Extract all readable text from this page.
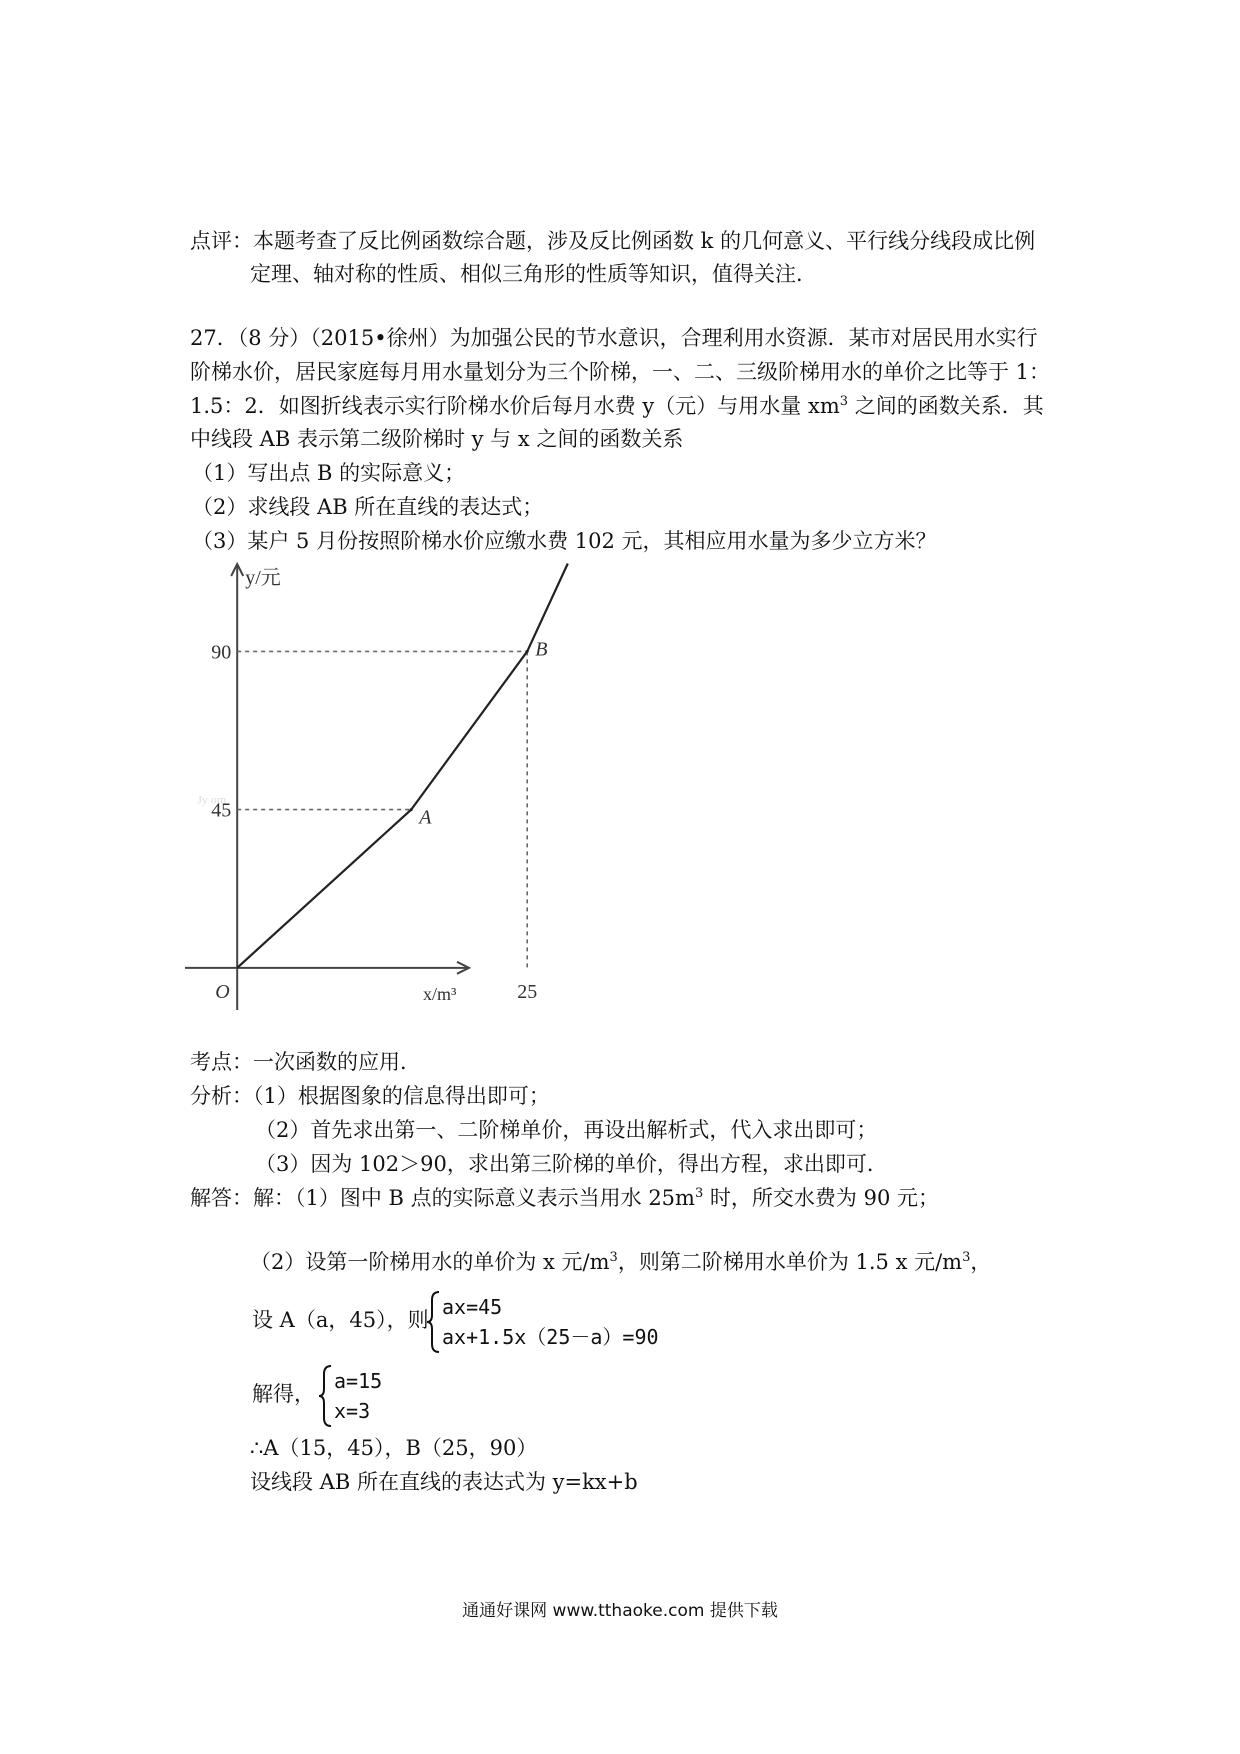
点评：本题考查了反比例函数综合题，涉及反比例函数 k 的几何意义、平行线分线段成比例
定理、轴对称的性质、相似三角形的性质等知识，值得关注．
27．（8 分）（2015•徐州）为加强公民的节水意识，合理利用水资源．某市对居民用水实行
阶梯水价，居民家庭每月用水量划分为三个阶梯，一、二、三级阶梯用水的单价之比等于 1：
1.5：2．如图折线表示实行阶梯水价后每月水费 y（元）与用水量 $xm^3$ 之间的函数关系．其
中线段 AB 表示第二级阶梯时 y 与 x 之间的函数关系
（1）写出点 B 的实际意义；
（2）求线段 AB 所在直线的表达式；
（3）某户 5 月份按照阶梯水价应缴水费 102 元，其相应用水量为多少立方米？
y/元
x/m³
O	25
45
90
Jy om
A
B
考点：一次函数的应用．
分析：（1）根据图象的信息得出即可；
（2）首先求出第一、二阶梯单价，再设出解析式，代入求出即可；
（3）因为 102＞90，求出第三阶梯的单价，得出方程，求出即可．
解答：解：（1）图中 B 点的实际意义表示当用水 $25m^3$ 时，所交水费为 90 元；
（2）设第一阶梯用水的单价为 x 元$/m^3$，则第二阶梯用水单价为 1.5 x 元$/m^3$，
设 A（a，45），则
ax=45
ax+1.5x（25－a）=90
解得，
a=15
x=3
∴A（15，45），B（25，90）
设线段 AB 所在直线的表达式为 y=kx+b
通通好课网 www.tthaoke.com 提供下载
